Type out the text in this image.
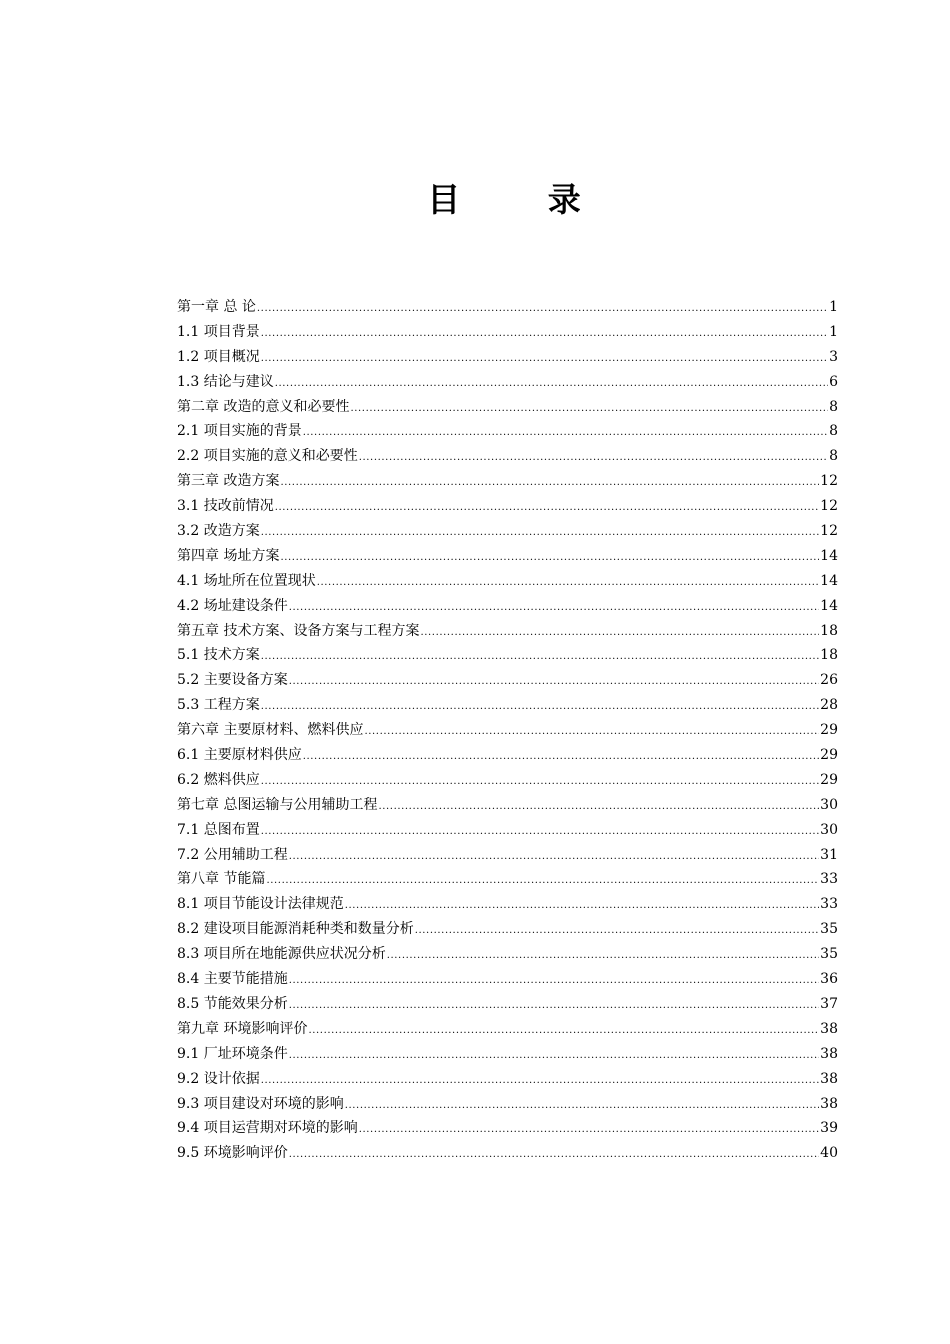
目 录
第一章 总 论 .....	1
1.1 项目背景 .....	1
1.2 项目概况 .....	3
1.3 结论与建议 .....	6
第二章 改造的意义和必要性 .....	8
2.1 项目实施的背景 .....	8
2.2 项目实施的意义和必要性 .....	8
第三章 改造方案 .....	12
3.1 技改前情况 .....	12
3.2 改造方案 .....	12
第四章 场址方案 .....	14
4.1 场址所在位置现状 .....	14
4.2 场址建设条件 .....	14
第五章 技术方案、设备方案与工程方案 .....	18
5.1 技术方案 .....	18
5.2 主要设备方案 .....	26
5.3 工程方案 .....	28
第六章 主要原材料、燃料供应 .....	29
6.1 主要原材料供应 .....	29
6.2 燃料供应 .....	29
第七章 总图运输与公用辅助工程 .....	30
7.1 总图布置 .....	30
7.2 公用辅助工程 .....	31
第八章 节能篇 .....	33
8.1 项目节能设计法律规范 .....	33
8.2 建设项目能源消耗种类和数量分析 .....	35
8.3 项目所在地能源供应状况分析 .....	35
8.4 主要节能措施 .....	36
8.5 节能效果分析 .....	37
第九章 环境影响评价 .....	38
9.1 厂址环境条件 .....	38
9.2 设计依据 .....	38
9.3 项目建设对环境的影响 .....	38
9.4 项目运营期对环境的影响 .....	39
9.5 环境影响评价 .....	40
